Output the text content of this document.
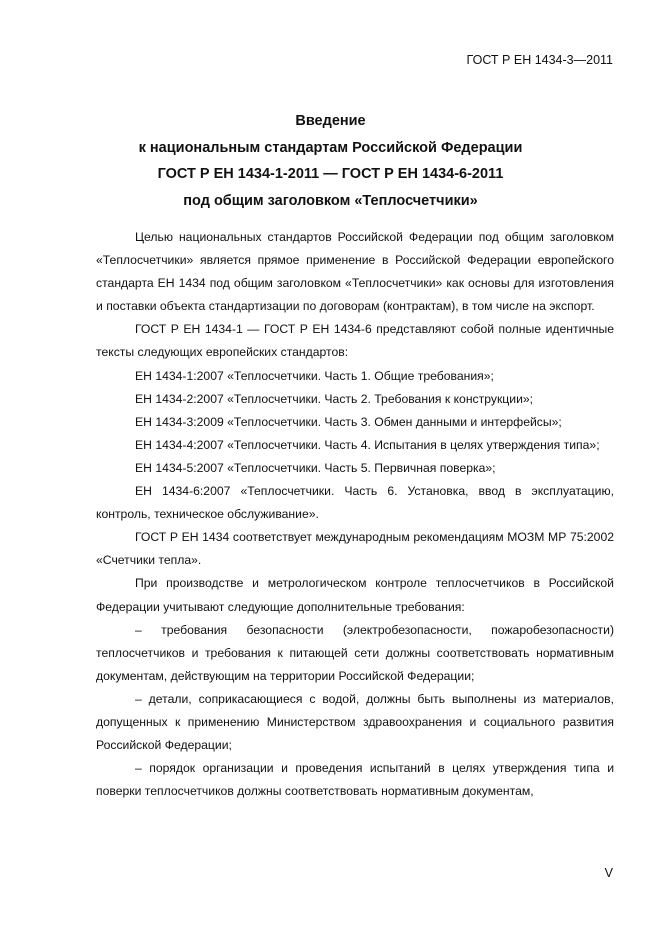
ГОСТ Р ЕН 1434-3—2011
Введение
к национальным стандартам Российской Федерации
ГОСТ Р ЕН 1434-1-2011 — ГОСТ Р ЕН 1434-6-2011
под общим заголовком «Теплосчетчики»

Целью национальных стандартов Российской Федерации под общим заголовком «Теплосчетчики» является прямое применение в Российской Федерации европейского стандарта ЕН 1434 под общим заголовком «Теплосчетчики» как основы для изготовления и поставки объекта стандартизации по договорам (контрактам), в том числе на экспорт.

ГОСТ Р ЕН 1434-1 — ГОСТ Р ЕН 1434-6 представляют собой полные идентичные тексты следующих европейских стандартов:

ЕН 1434-1:2007 «Теплосчетчики. Часть 1. Общие требования»;

ЕН 1434-2:2007 «Теплосчетчики. Часть 2. Требования к конструкции»;

ЕН 1434-3:2009 «Теплосчетчики. Часть 3. Обмен данными и интерфейсы»;

ЕН 1434-4:2007 «Теплосчетчики. Часть 4. Испытания в целях утверждения типа»;

ЕН 1434-5:2007 «Теплосчетчики. Часть 5. Первичная поверка»;

ЕН 1434-6:2007 «Теплосчетчики. Часть 6. Установка, ввод в эксплуатацию, контроль, техническое обслуживание».

ГОСТ Р ЕН 1434 соответствует международным рекомендациям МОЗМ МР 75:2002 «Счетчики тепла».

При производстве и метрологическом контроле теплосчетчиков в Российской Федерации учитывают следующие дополнительные требования:

– требования безопасности (электробезопасности, пожаробезопасности) теплосчетчиков и требования к питающей сети должны соответствовать нормативным документам, действующим на территории Российской Федерации;

– детали, соприкасающиеся с водой, должны быть выполнены из материалов, допущенных к применению Министерством здравоохранения и социального развития Российской Федерации;

– порядок организации и проведения испытаний в целях утверждения типа и поверки теплосчетчиков должны соответствовать нормативным документам,

V
